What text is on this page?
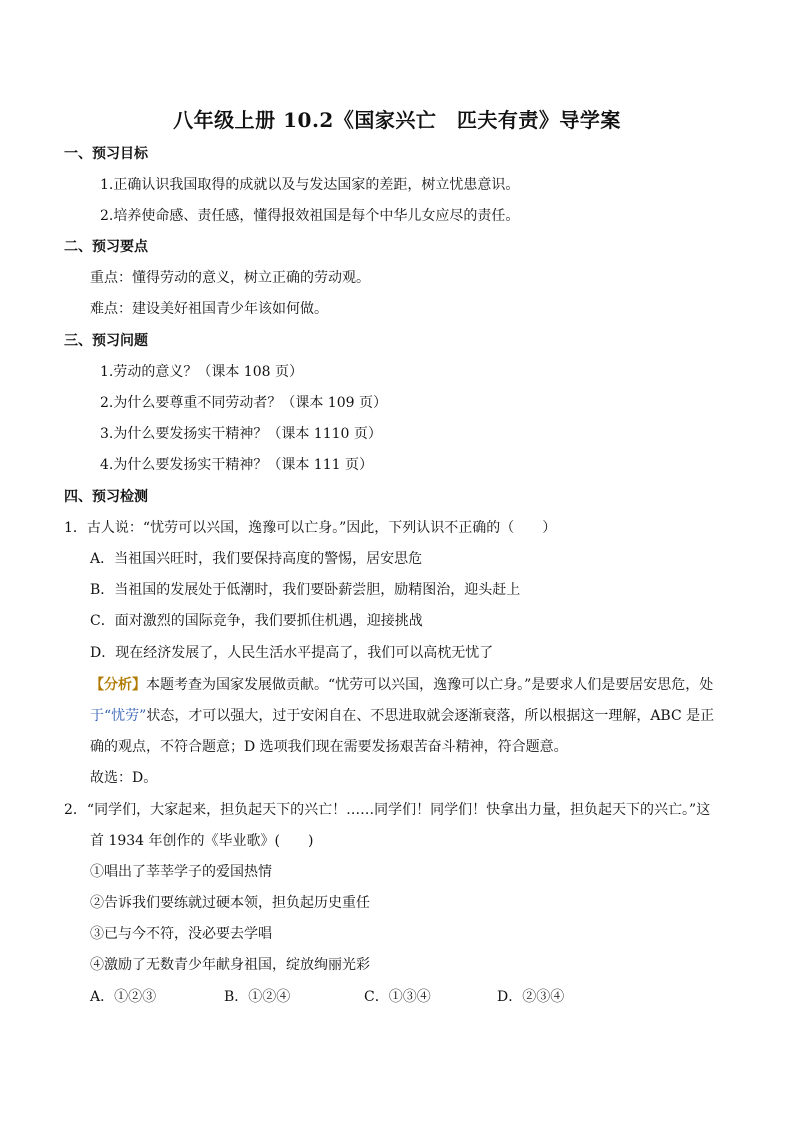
八年级上册 10.2《国家兴亡　匹夫有责》导学案
一、预习目标
1.正确认识我国取得的成就以及与发达国家的差距，树立忧患意识。
2.培养使命感、责任感，懂得报效祖国是每个中华儿女应尽的责任。
二、预习要点
重点：懂得劳动的意义，树立正确的劳动观。
难点：建设美好祖国青少年该如何做。
三、预习问题
1.劳动的意义？（课本 108 页）
2.为什么要尊重不同劳动者？（课本 109 页）
3.为什么要发扬实干精神？（课本 1110 页）
4.为什么要发扬实干精神？（课本 111 页）
四、预习检测
1．古人说：“忧劳可以兴国，逸豫可以亡身。”因此，下列认识不正确的（　　）
A．当祖国兴旺时，我们要保持高度的警惕，居安思危
B．当祖国的发展处于低潮时，我们要卧薪尝胆，励精图治，迎头赶上
C．面对激烈的国际竞争，我们要抓住机遇，迎接挑战
D．现在经济发展了，人民生活水平提高了，我们可以高枕无忧了
【分析】本题考查为国家发展做贡献。“忧劳可以兴国，逸豫可以亡身。”是要求人们是要居安思危，处
于“忧劳”状态，才可以强大，过于安闲自在、不思进取就会逐渐衰落，所以根据这一理解，ABC 是正
确的观点，不符合题意；D 选项我们现在需要发扬艰苦奋斗精神，符合题意。
故选：D。
2．“同学们，大家起来，担负起天下的兴亡！……同学们！同学们！快拿出力量，担负起天下的兴亡。”这
首 1934 年创作的《毕业歌》(　　)
①唱出了莘莘学子的爱国热情
②告诉我们要练就过硬本领，担负起历史重任
③已与今不符，没必要去学唱
④激励了无数青少年献身祖国，绽放绚丽光彩
A．①②③	B．①②④	C．①③④	D．②③④
